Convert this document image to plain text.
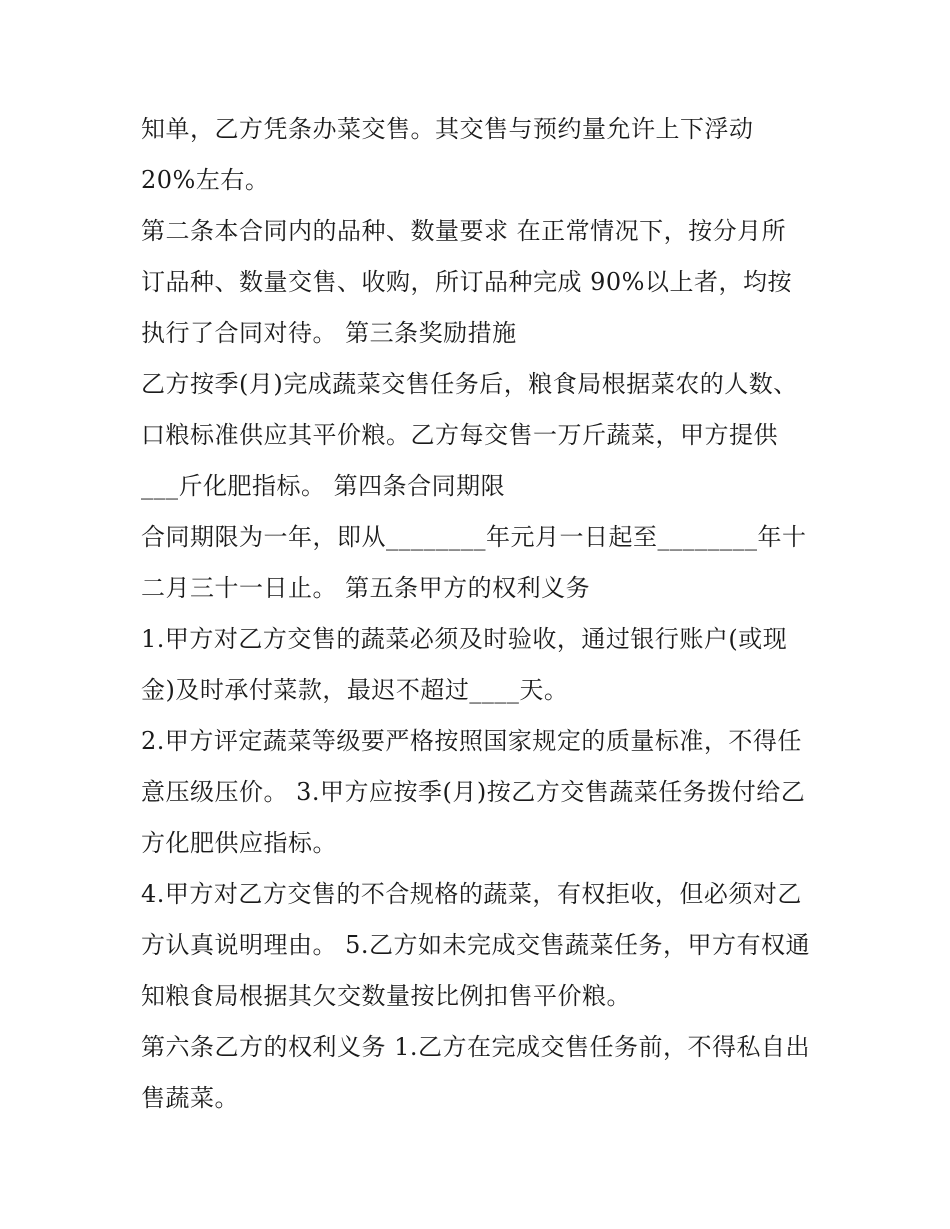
知单，乙方凭条办菜交售。其交售与预约量允许上下浮动
20%左右。
第二条本合同内的品种、数量要求 在正常情况下，按分月所
订品种、数量交售、收购，所订品种完成 90%以上者，均按
执行了合同对待。 第三条奖励措施
乙方按季(月)完成蔬菜交售任务后，粮食局根据菜农的人数、
口粮标准供应其平价粮。乙方每交售一万斤蔬菜，甲方提供
___斤化肥指标。 第四条合同期限
合同期限为一年，即从________年元月一日起至________年十
二月三十一日止。 第五条甲方的权利义务
1.甲方对乙方交售的蔬菜必须及时验收，通过银行账户(或现
金)及时承付菜款，最迟不超过____天。
2.甲方评定蔬菜等级要严格按照国家规定的质量标准，不得任
意压级压价。 3.甲方应按季(月)按乙方交售蔬菜任务拨付给乙
方化肥供应指标。
4.甲方对乙方交售的不合规格的蔬菜，有权拒收，但必须对乙
方认真说明理由。 5.乙方如未完成交售蔬菜任务，甲方有权通
知粮食局根据其欠交数量按比例扣售平价粮。
第六条乙方的权利义务 1.乙方在完成交售任务前，不得私自出
售蔬菜。
